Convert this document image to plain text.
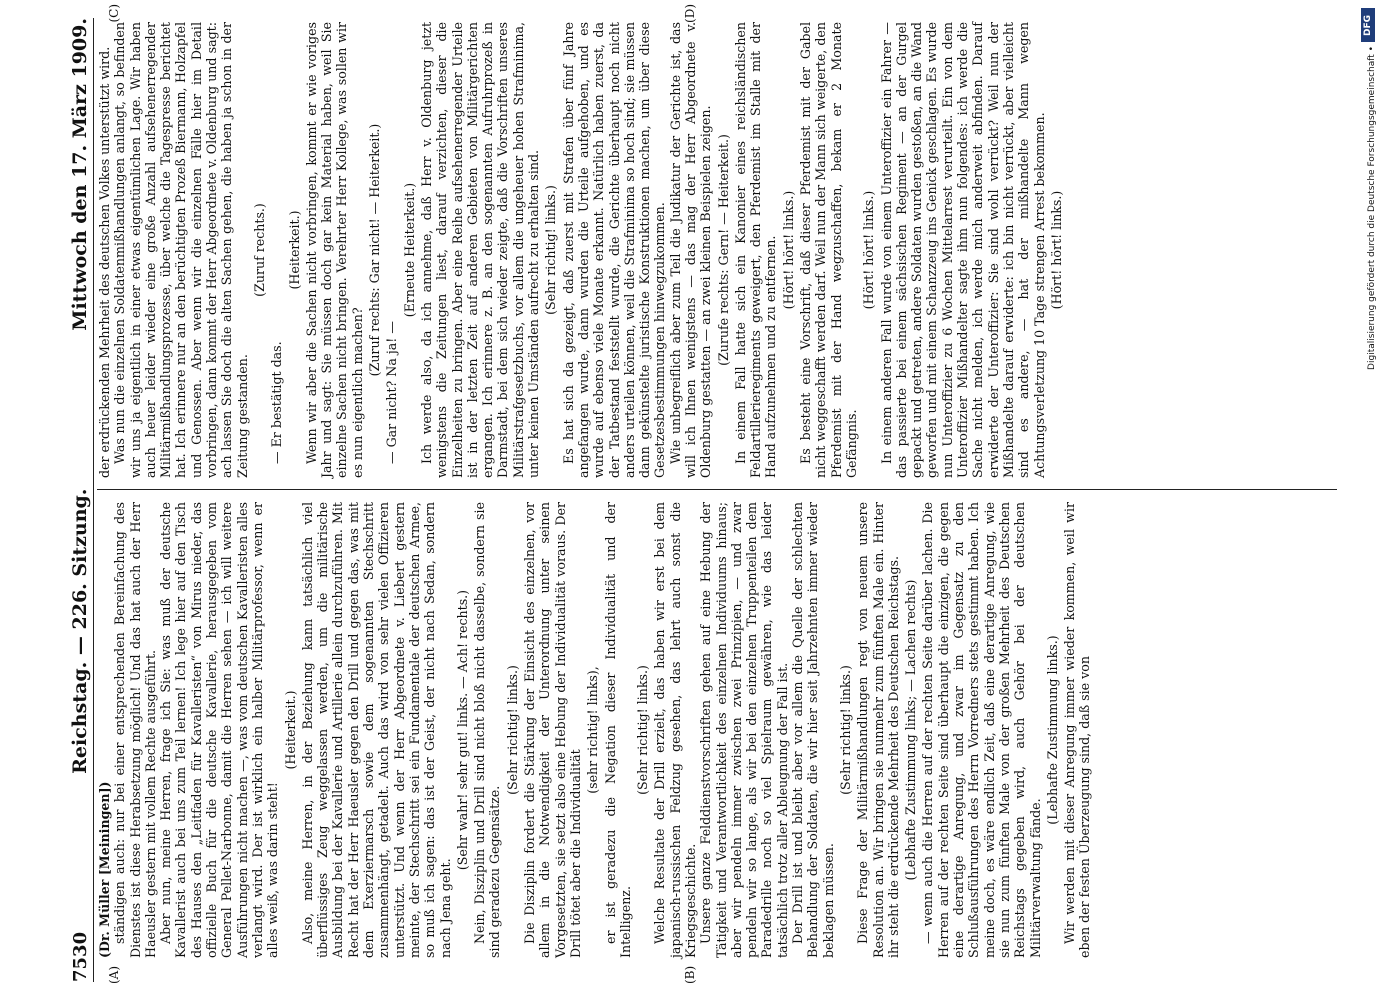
7530
Reichstag. — 226. Sitzung.
Mittwoch den 17. März 1909.

(Dr. Müller [Meiningen]) ständigen auch: nur bei einer entsprechenden Bereinfachung des Dienstes ist diese Herabsetzung möglich! Und das hat auch der Herr Haeusler gestern mit vollem Rechte ausgeführt. Aber nun, meine Herren, frage ich Sie: was muß der deutsche Kavallerist auch bei uns zum Teil lernen! Ich lege hier auf den Tisch des Hauses den „Leitfaden für Kavalleristen“ von Mirus nieder, das offizielle Buch für die deutsche Kavallerie, herausgegeben vom General Pellet-Narbonne, damit die Herren sehen — ich will weitere Ausführungen nicht machen —, was vom deutschen Kavalleristen alles verlangt wird. Der ist wirklich ein halber Militärprofessor, wenn er alles weiß, was darin steht!

(Heiterkeit.) Also, meine Herren, in der Beziehung kann tatsächlich viel überflüssiges Zeug weggelassen werden, um die militärische Ausbildung bei der Kavallerie und Artillerie allein durchzuführen. Mit Recht hat der Herr Haeusler gegen den Drill und gegen das, was mit dem Exerziermarsch sowie dem sogenannten Stechschritt zusammenhängt, getadelt. Auch das wird von sehr vielen Offizieren unterstützt. Und wenn der Herr Abgeordnete v. Liebert gestern meinte, der Stechschritt sei ein Fundamentale der deutschen Armee, so muß ich sagen: das ist der Geist, der nicht nach Sedan, sondern nach Jena geht.

(Sehr wahr! sehr gut! links. — Ach! rechts.) Nein, Disziplin und Drill sind nicht bloß nicht dasselbe, sondern sie sind geradezu Gegensätze.

(Sehr richtig! links.) Die Disziplin fordert die Stärkung der Einsicht des einzelnen, vor allem in die Notwendigkeit der Unterordnung unter seinen Vorgesetzten, sie setzt also eine Hebung der Individualität voraus. Der Drill tötet aber die Individualität

(sehr richtig! links), er ist geradezu die Negation dieser Individualität und der Intelligenz.

(Sehr richtig! links.) Welche Resultate der Drill erzielt, das haben wir erst bei dem japanisch-russischen Feldzug gesehen, das lehrt auch sonst die Kriegsgeschichte. Unsere ganze Felddienstvorschriften gehen auf eine Hebung der Tätigkeit und Verantwortlichkeit des einzelnen Individuums hinaus; aber wir pendeln immer zwischen zwei Prinzipien, — und zwar pendeln wir so lange, als wir bei den einzelnen Truppenteilen dem Paradedrille noch so viel Spielraum gewähren, wie das leider tatsächlich trotz aller Ableugnung der Fall ist. Der Drill ist und bleibt aber vor allem die Quelle der schlechten Behandlung der Soldaten, die wir hier seit Jahrzehnten immer wieder beklagen müssen.

(Sehr richtig! links.) Diese Frage der Militärmißhandlungen regt von neuem unsere Resolution an. Wir bringen sie nunmehr zum fünften Male ein. Hinter ihr steht die erdrückende Mehrheit des Deutschen Reichstags. (Lebhafte Zustimmung links; — Lachen rechts) — wenn auch die Herren auf der rechten Seite darüber lachen. Die Herren auf der rechten Seite sind überhaupt die einzigen, die gegen eine derartige Anregung, und zwar im Gegensatz zu den Schlußausführungen des Herrn Vorredners stets gestimmt haben. Ich meine doch, es wäre endlich Zeit, daß eine derartige Anregung, wie sie nun zum fünften Male von der großen Mehrheit des Deutschen Reichstags gegeben wird, auch Gehör bei der deutschen Militärverwaltung fände.

(Lebhafte Zustimmung links.) Wir werden mit dieser Anregung immer wieder kommen, weil wir eben der festen Überzeugung sind, daß sie von

der erdrückenden Mehrheit des deutschen Volkes unterstützt wird. Was nun die einzelnen Soldatenmißhandlungen anlangt, so befinden wir uns ja eigentlich in einer etwas eigentümlichen Lage. Wir haben auch heuer leider wieder eine große Anzahl aufsehenerregender Militärmißhandlungsprozesse, über welche die Tagespresse berichtet hat. Ich erinnere nur an den berüchtigten Prozeß Biermann, Holzapfel und Genossen. Aber wenn wir die einzelnen Fälle hier im Detail vorbringen, dann kommt der Herr Abgeordnete v. Oldenburg und sagt: ach lassen Sie doch die alten Sachen gehen, die haben ja schon in der Zeitung gestanden.

(Zuruf rechts.)

— Er bestätigt das.

(Heiterkeit.) Wenn wir aber die Sachen nicht vorbringen, kommt er wie voriges Jahr und sagt: Sie müssen doch gar kein Material haben, weil Sie einzelne Sachen nicht bringen. Verehrter Herr Kollege, was sollen wir es nun eigentlich machen?

(Zuruf rechts: Gar nicht! — Heiterkeit.)

— Gar nicht? Na ja! —

(Erneute Heiterkeit.) Ich werde also, da ich annehme, daß Herr v. Oldenburg jetzt wenigstens die Zeitungen liest, darauf verzichten, dieser die Einzelheiten zu bringen. Aber eine Reihe aufsehenerregender Urteile ist in der letzten Zeit auf anderen Gebieten von Militärgerichten ergangen. Ich erinnere z. B. an den sogenannten Aufruhrprozeß in Darmstadt, bei dem sich wieder zeigte, daß die Vorschriften unseres Militärstrafgesetzbuchs, vor allem die ungeheuer hohen Strafminima, unter keinen Umständen aufrecht zu erhalten sind. (Sehr richtig! links.) Es hat sich da gezeigt, daß zuerst mit Strafen über fünf Jahre angefangen wurde, dann wurden die Urteile aufgehoben, und es wurde auf ebenso viele Monate erkannt. Natürlich haben zuerst, da der Tatbestand feststellt wurde, die Gerichte überhaupt noch nicht anders urteilen können, weil die Strafminima so hoch sind; sie müssen dann gekünstelte juristische Konstruktionen machen, um über diese Gesetzesbestimmungen hinwegzukommen. Wie unbegreiflich aber zum Teil die Judikatur der Gerichte ist, das will ich Ihnen wenigstens — das mag der Herr Abgeordnete v. Oldenburg gestatten — an zwei kleinen Beispielen zeigen. (Zurufe rechts: Gern! — Heiterkeit.) In einem Fall hatte sich ein Kanonier eines reichsländischen Feldartillerieregiments geweigert, den Pferdemist im Stalle mit der Hand aufzunehmen und zu entfernen. (Hört! hört! links.) Es besteht eine Vorschrift, daß dieser Pferdemist mit der Gabel nicht weggeschafft werden darf. Weil nun der Mann sich weigerte, den Pferdemist mit der Hand wegzuschaffen, bekam er 2 Monate Gefängnis.

(Hört! hört! links.) In einem anderen Fall wurde von einem Unteroffizier ein Fahrer — das passierte bei einem sächsischen Regiment — an der Gurgel gepackt und getreten, andere Soldaten wurden gestoßen, an die Wand geworfen und mit einem Schanzzeug ins Genick geschlagen. Es wurde nun Unteroffizier zu 6 Wochen Mittelarrest verurteilt. Ein von dem Unteroffizier Mißhandelter sagte ihm nun folgendes: ich werde die Sache nicht melden, ich werde mich anderweit abfinden. Darauf erwiderte der Unteroffizier: Sie sind wohl verrückt? Weil nun der Mißhandelte darauf erwiderte: ich bin nicht verrückt, aber vielleicht sind es andere, — hat der mißhandelte Mann wegen Achtungsverletzung 10 Tage strengen Arrest bekommen. (Hört! hört! links.)

(A)	(B)
(C)	(D)
DFG
Digitalisierung gefördert durch die Deutsche Forschungsgemeinschaft •
